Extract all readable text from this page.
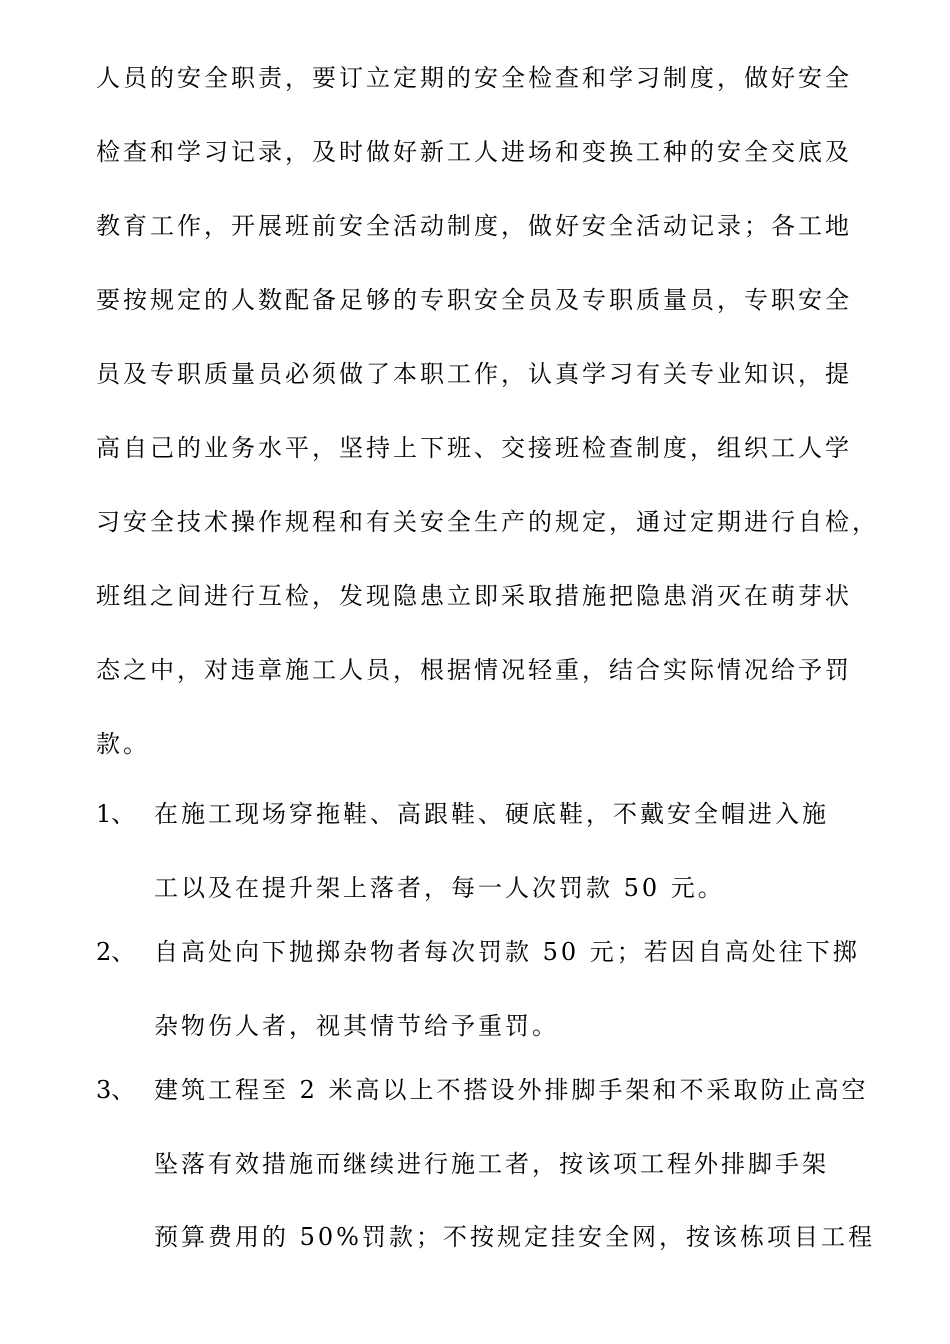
人员的安全职责，要订立定期的安全检查和学习制度，做好安全
检查和学习记录，及时做好新工人进场和变换工种的安全交底及
教育工作，开展班前安全活动制度，做好安全活动记录；各工地
要按规定的人数配备足够的专职安全员及专职质量员，专职安全
员及专职质量员必须做了本职工作，认真学习有关专业知识，提
高自己的业务水平，坚持上下班、交接班检查制度，组织工人学
习安全技术操作规程和有关安全生产的规定，通过定期进行自检，
班组之间进行互检，发现隐患立即采取措施把隐患消灭在萌芽状
态之中，对违章施工人员，根据情况轻重，结合实际情况给予罚
款。
1、 在施工现场穿拖鞋、高跟鞋、硬底鞋，不戴安全帽进入施
工以及在提升架上落者，每一人次罚款 50 元。
2、 自高处向下抛掷杂物者每次罚款 50 元；若因自高处往下掷
杂物伤人者，视其情节给予重罚。
3、 建筑工程至 2 米高以上不搭设外排脚手架和不采取防止高空
坠落有效措施而继续进行施工者，按该项工程外排脚手架
预算费用的 50%罚款；不按规定挂安全网，按该栋项目工程
